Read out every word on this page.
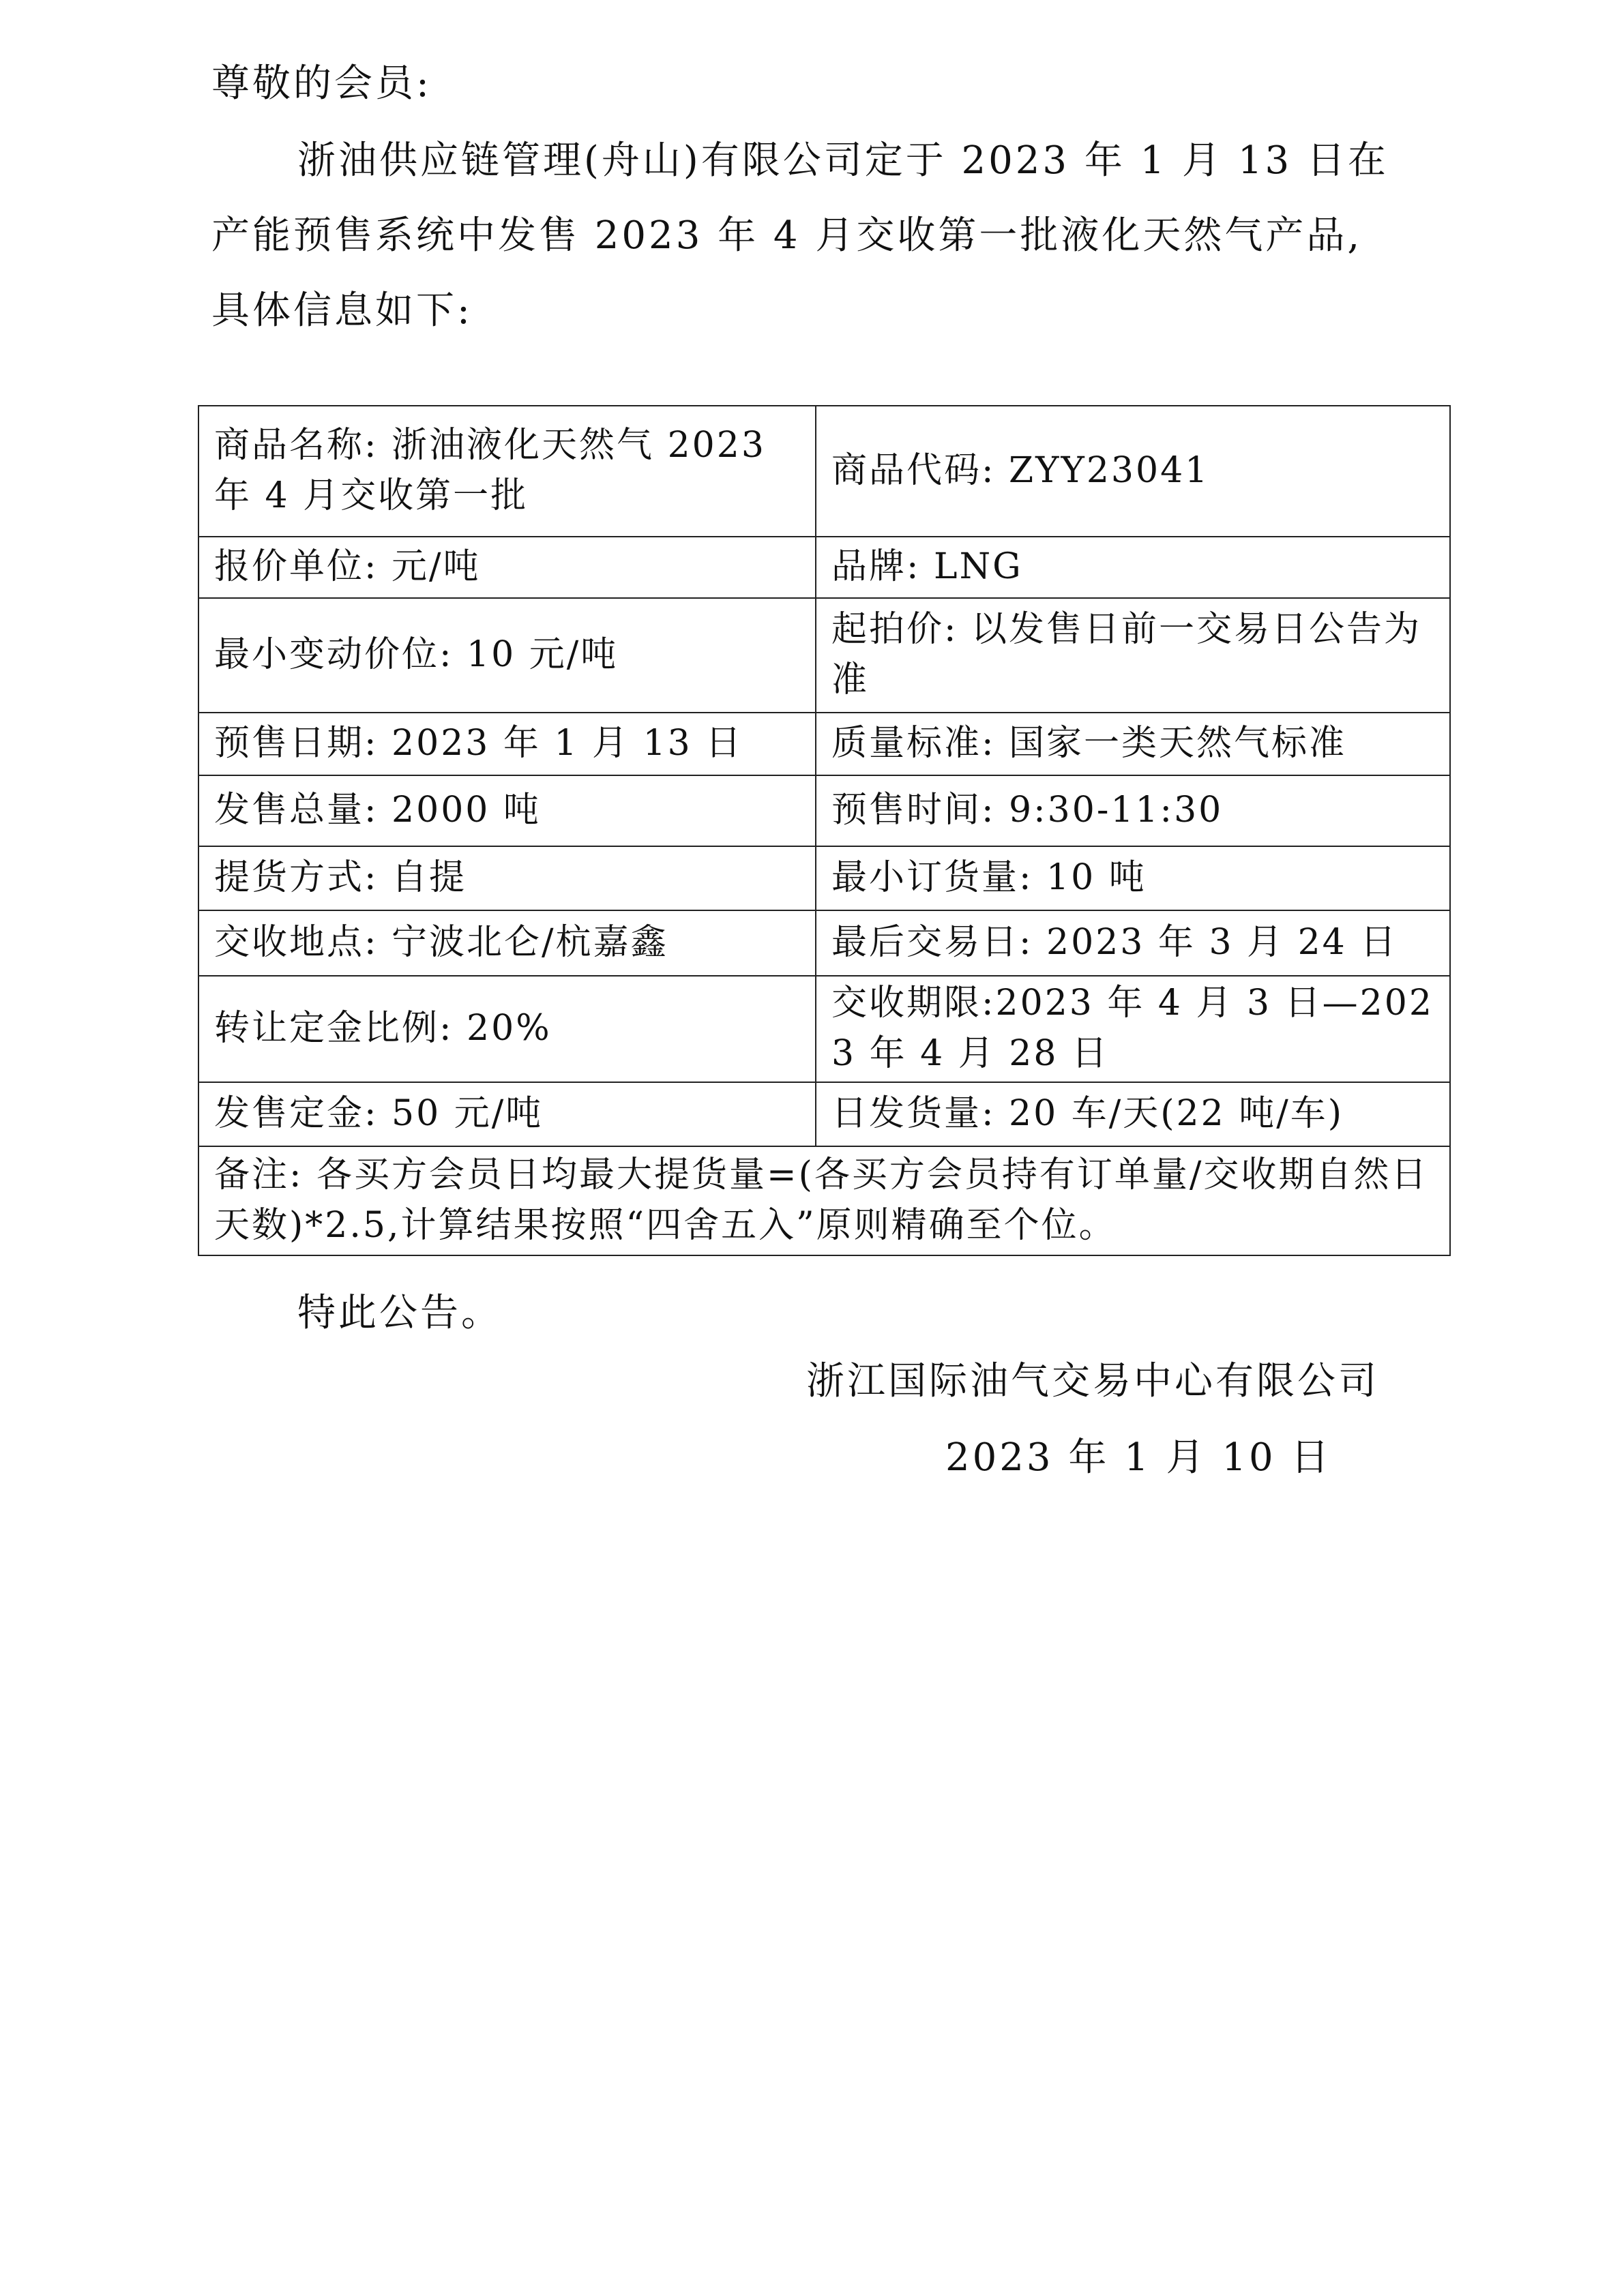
尊敬的会员:
浙油供应链管理(舟山)有限公司定于 2023 年 1 月 13 日在
产能预售系统中发售 2023 年 4 月交收第一批液化天然气产品,
具体信息如下:
商品名称: 浙油液化天然气 2023 年 4 月交收第一批	商品代码: ZYY23041
报价单位: 元/吨	品牌: LNG
最小变动价位: 10 元/吨	起拍价: 以发售日前一交易日公告为准
预售日期: 2023 年 1 月 13 日	质量标准: 国家一类天然气标准
发售总量: 2000 吨	预售时间: 9:30-11:30
提货方式: 自提	最小订货量: 10 吨
交收地点: 宁波北仑/杭嘉鑫	最后交易日: 2023 年 3 月 24 日
转让定金比例: 20%	交收期限:2023 年 4 月 3 日—2023 年 4 月 28 日
发售定金: 50 元/吨	日发货量: 20 车/天(22 吨/车)
备注: 各买方会员日均最大提货量=(各买方会员持有订单量/交收期自然日天数)*2.5,计算结果按照“四舍五入”原则精确至个位。	
特此公告。
浙江国际油气交易中心有限公司
2023 年 1 月 10 日
